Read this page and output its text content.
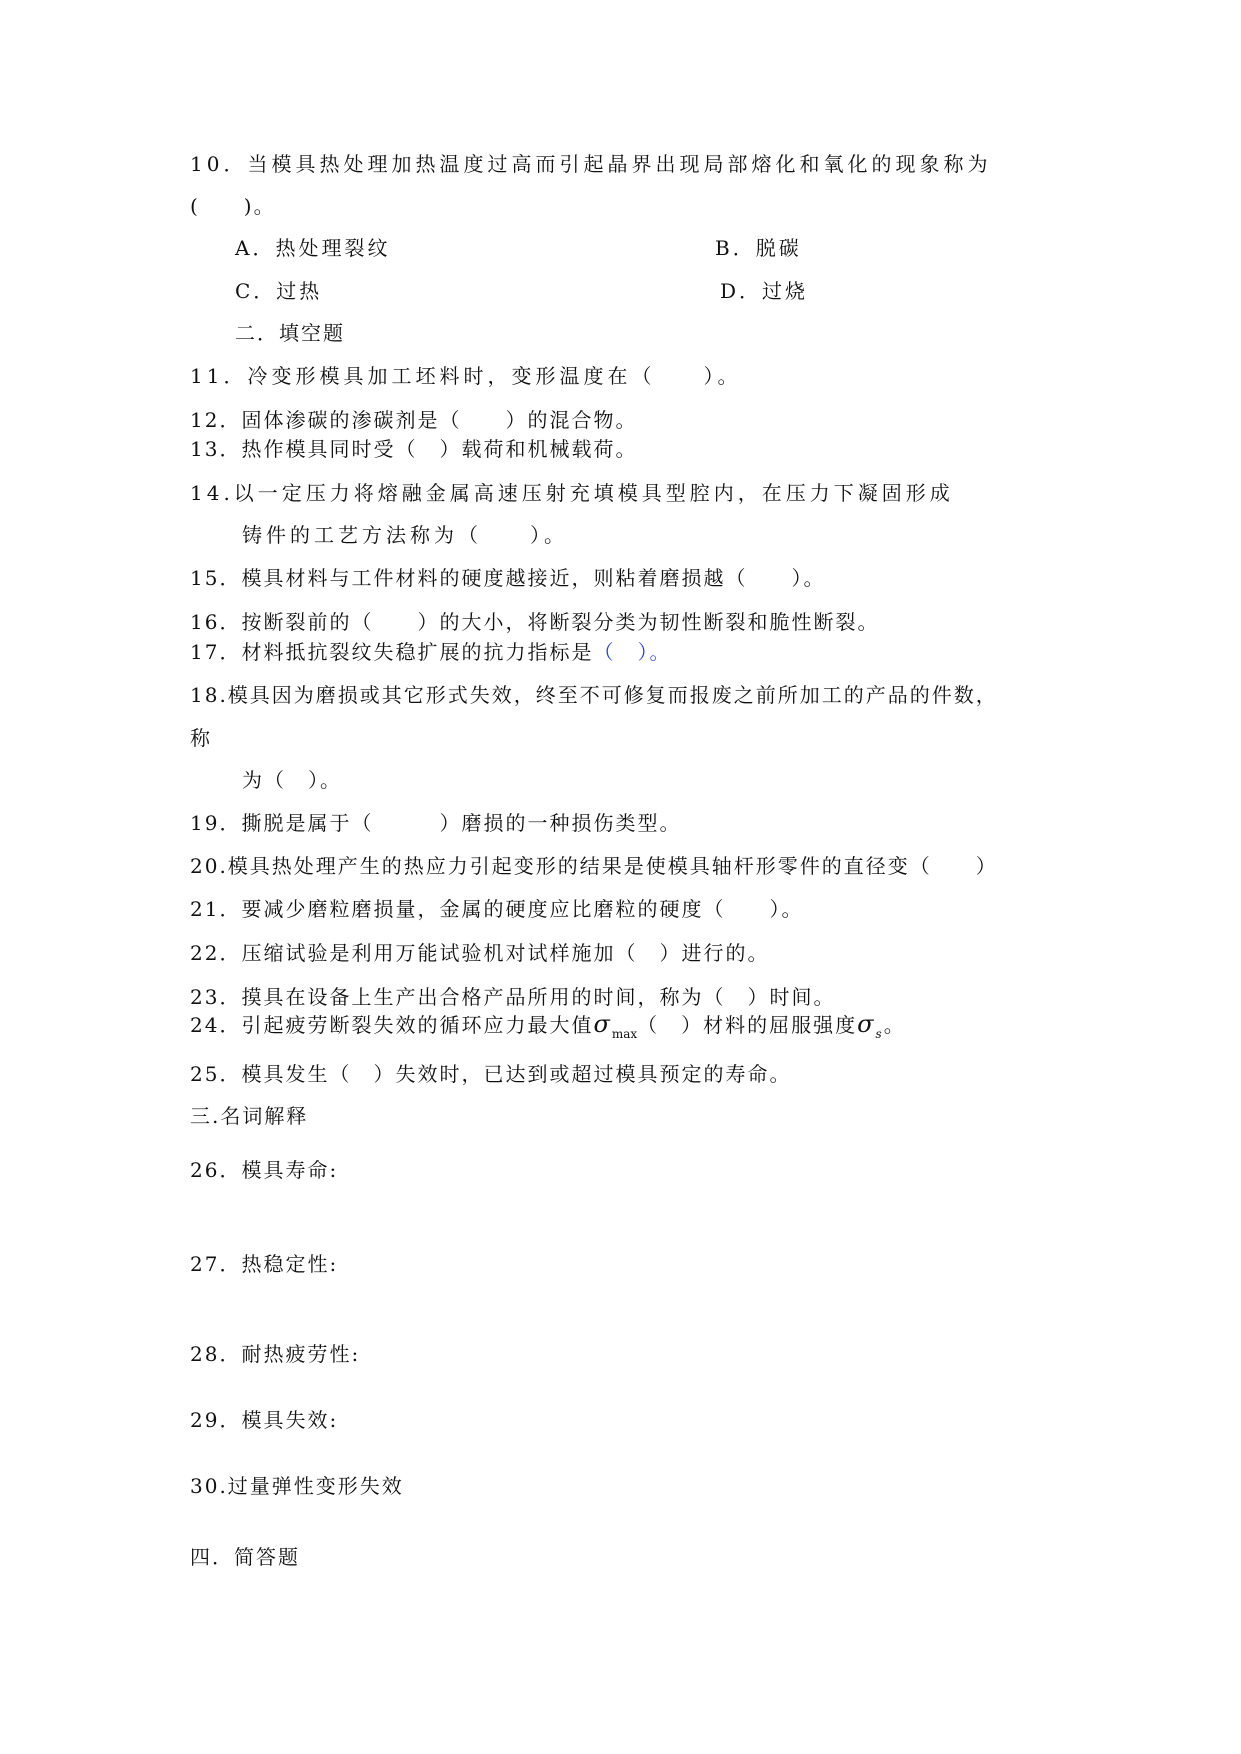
10．当模具热处理加热温度过高而引起晶界出现局部熔化和氧化的现象称为
(　　)。
A．热处理裂纹	B．脱碳
C．过热	D．过烧
二．填空题
11．冷变形模具加工坯料时，变形温度在（　　）。
12．固体渗碳的渗碳剂是（　　）的混合物。
13．热作模具同时受（　）载荷和机械载荷。
14.以一定压力将熔融金属高速压射充填模具型腔内，在压力下凝固形成
铸件的工艺方法称为（　　）。
15．模具材料与工件材料的硬度越接近，则粘着磨损越（　　）。
16．按断裂前的（　　）的大小，将断裂分类为韧性断裂和脆性断裂。
17．材料抵抗裂纹失稳扩展的抗力指标是（　）。
18.模具因为磨损或其它形式失效，终至不可修复而报废之前所加工的产品的件数，
称
为（　）。
19．撕脱是属于（　　　）磨损的一种损伤类型。
20.模具热处理产生的热应力引起变形的结果是使模具轴杆形零件的直径变（　　）
21．要减少磨粒磨损量，金属的硬度应比磨粒的硬度（　　）。
22．压缩试验是利用万能试验机对试样施加（　）进行的。
23．摸具在设备上生产出合格产品所用的时间，称为（　）时间。
24．引起疲劳断裂失效的循环应力最大值$\sigma_{max}$（　）材料的屈服强度$\sigma_s$。
25．模具发生（　）失效时，已达到或超过模具预定的寿命。
三.名词解释
26．模具寿命:
27．热稳定性:
28．耐热疲劳性:
29．模具失效:
30.过量弹性变形失效
四．简答题
